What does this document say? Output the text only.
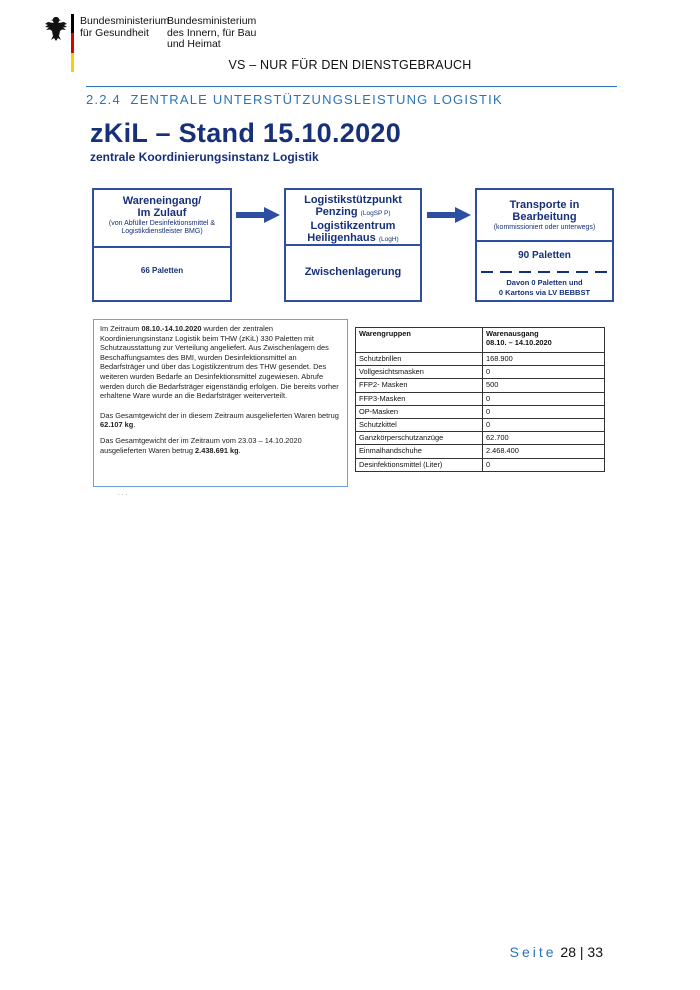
Bundesministerium
für Gesundheit
Bundesministerium
des Innern, für Bau
und Heimat
VS – NUR FÜR DEN DIENSTGEBRAUCH
2.2.4 ZENTRALE UNTERSTÜTZUNGSLEISTUNG LOGISTIK
zKiL – Stand 15.10.2020
zentrale Koordinierungsinstanz Logistik
Wareneingang/
Im Zulauf
(von Abfüller Desinfektionsmittel &
Logistikdienstleister BMG)
66 Paletten
Logistikstützpunkt
Penzing (LogSP P)
Logistikzentrum
Heiligenhaus (LogH)
Zwischenlagerung
Transporte in
Bearbeitung
(kommissioniert oder unterwegs)
90 Paletten
Davon 0 Paletten und
0 Kartons via LV BEBBST

Im Zeitraum 08.10.-14.10.2020 wurden der zentralen Koordinierungsinstanz Logistik beim THW (zKiL) 330 Paletten mit Schutzausstattung zur Verteilung angeliefert. Aus Zwischenlagern des Beschaffungsamtes des BMI, wurden Desinfektionsmittel an Bedarfsträger und über das Logistikzentrum des THW gesendet. Des weiteren wurden Bedarfe an Desinfektionsmittel zugewiesen. Abrufe werden durch die Bedarfsträger eigenständig erfolgen. Die bereits vorher erhaltene Ware wurde an die Bedarfsträger weiterverteilt.

Das Gesamtgewicht der in diesem Zeitraum ausgelieferten Waren betrug 62.107 kg.

Das Gesamtgewicht der im Zeitraum vom 23.03 – 14.10.2020 ausgelieferten Waren betrug 2.438.691 kg.

Warengruppen	Warenausgang
08.10. – 14.10.2020

Schutzbrillen	168.900
Vollgesichtsmasken	0
FFP2- Masken	500
FFP3-Masken	0
OP-Masken	0
Schutzkittel	0
Ganzkörperschutzanzüge	62.700
Einmalhandschuhe	2.468.400
Desinfektionsmittel (Liter)	0
· · ·
Seite 28 | 33
